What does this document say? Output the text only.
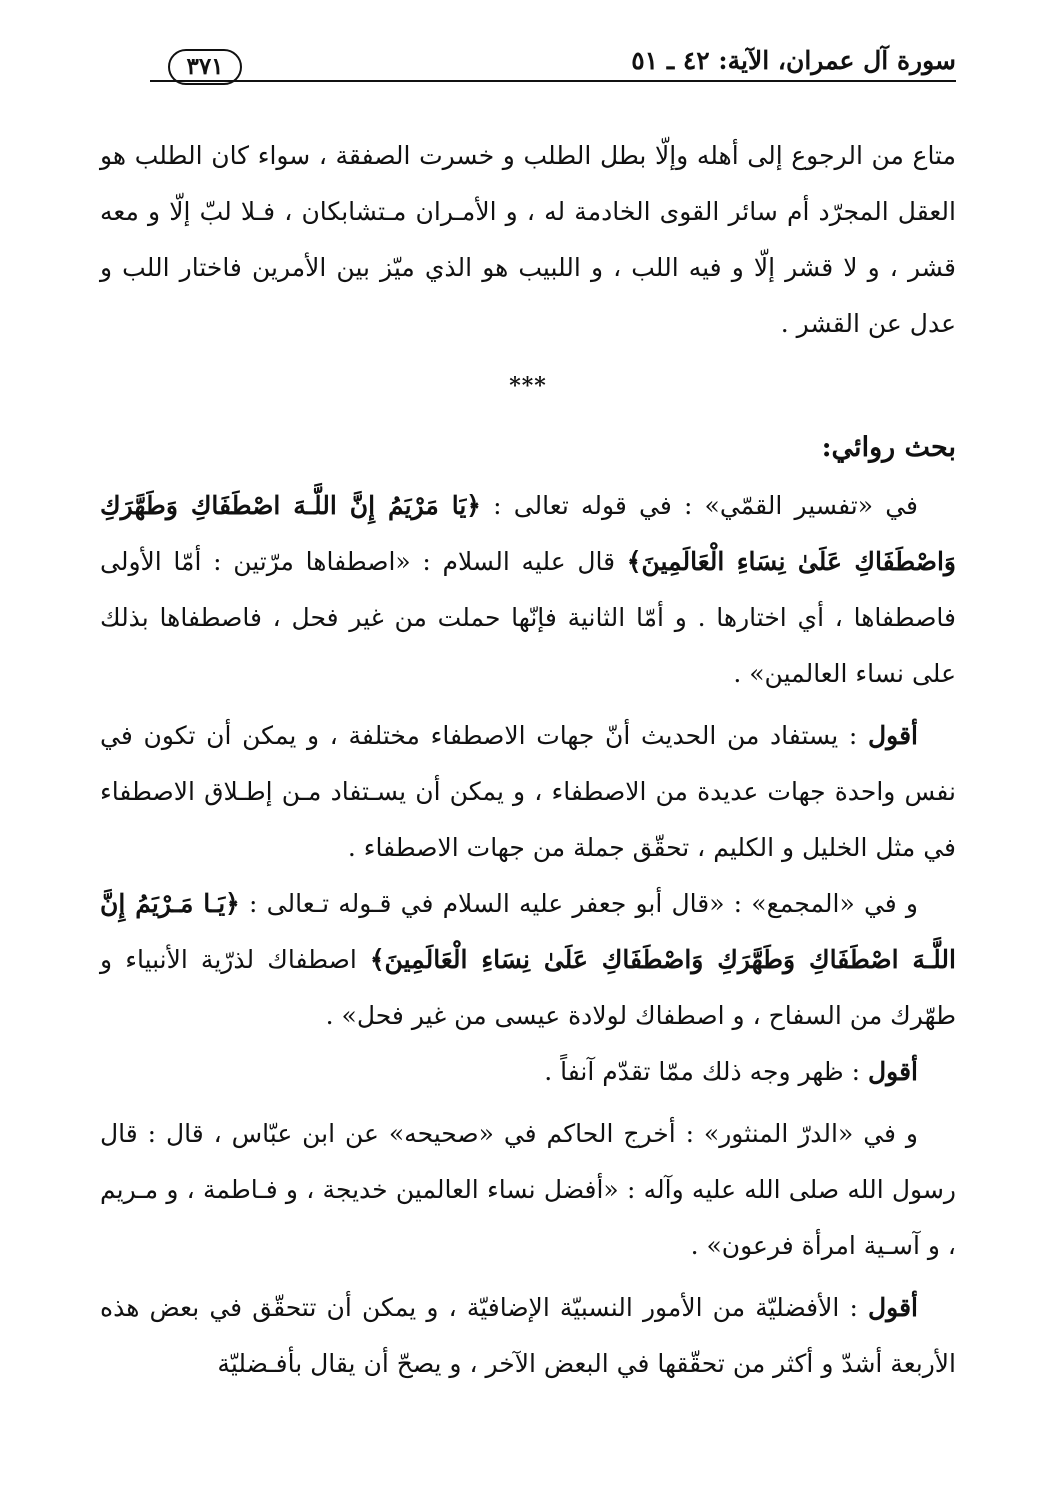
سورة آل عمران، الآية: ٤٢ ـ ٥١
٣٧١

متاع من الرجوع إلى أهله وإلّا بطل الطلب و خسرت الصفقة ، سواء كان الطلب هو العقل المجرّد أم سائر القوى الخادمة له ، و الأمـران مـتشابكان ، فـلا لبّ إلّا و معه قشر ، و لا قشر إلّا و فيه اللب ، و اللبيب هو الذي ميّز بين الأمرين فاختار اللب و عدل عن القشر .

***

بحث روائي:

في «تفسير القمّي» : في قوله تعالى : ﴿يَا مَرْيَمُ إِنَّ اللَّـهَ اصْطَفَاكِ وَطَهَّرَكِ وَاصْطَفَاكِ عَلَىٰ نِسَاءِ الْعَالَمِينَ﴾ قال عليه السلام : «اصطفاها مرّتين : أمّا الأولى فاصطفاها ، أي اختارها . و أمّا الثانية فإنّها حملت من غير فحل ، فاصطفاها بذلك على نساء العالمين» .

أقول : يستفاد من الحديث أنّ جهات الاصطفاء مختلفة ، و يمكن أن تكون في نفس واحدة جهات عديدة من الاصطفاء ، و يمكن أن يسـتفاد مـن إطـلاق الاصطفاء في مثل الخليل و الكليم ، تحقّق جملة من جهات الاصطفاء .

و في «المجمع» : «قال أبو جعفر عليه السلام في قـوله تـعالى : ﴿يَـا مَـرْيَمُ إِنَّ اللَّـهَ اصْطَفَاكِ وَطَهَّرَكِ وَاصْطَفَاكِ عَلَىٰ نِسَاءِ الْعَالَمِينَ﴾ اصطفاك لذرّية الأنبياء و طهّرك من السفاح ، و اصطفاك لولادة عيسى من غير فحل» .

أقول : ظهر وجه ذلك ممّا تقدّم آنفاً .

و في «الدرّ المنثور» : أخرج الحاكم في «صحيحه» عن ابن عبّاس ، قال : قال رسول الله صلى الله عليه وآله : «أفضل نساء العالمين خديجة ، و فـاطمة ، و مـريم ، و آسـية امرأة فرعون» .

أقول : الأفضليّة من الأمور النسبيّة الإضافيّة ، و يمكن أن تتحقّق في بعض هذه الأربعة أشدّ و أكثر من تحقّقها في البعض الآخر ، و يصحّ أن يقال بأفـضليّة
